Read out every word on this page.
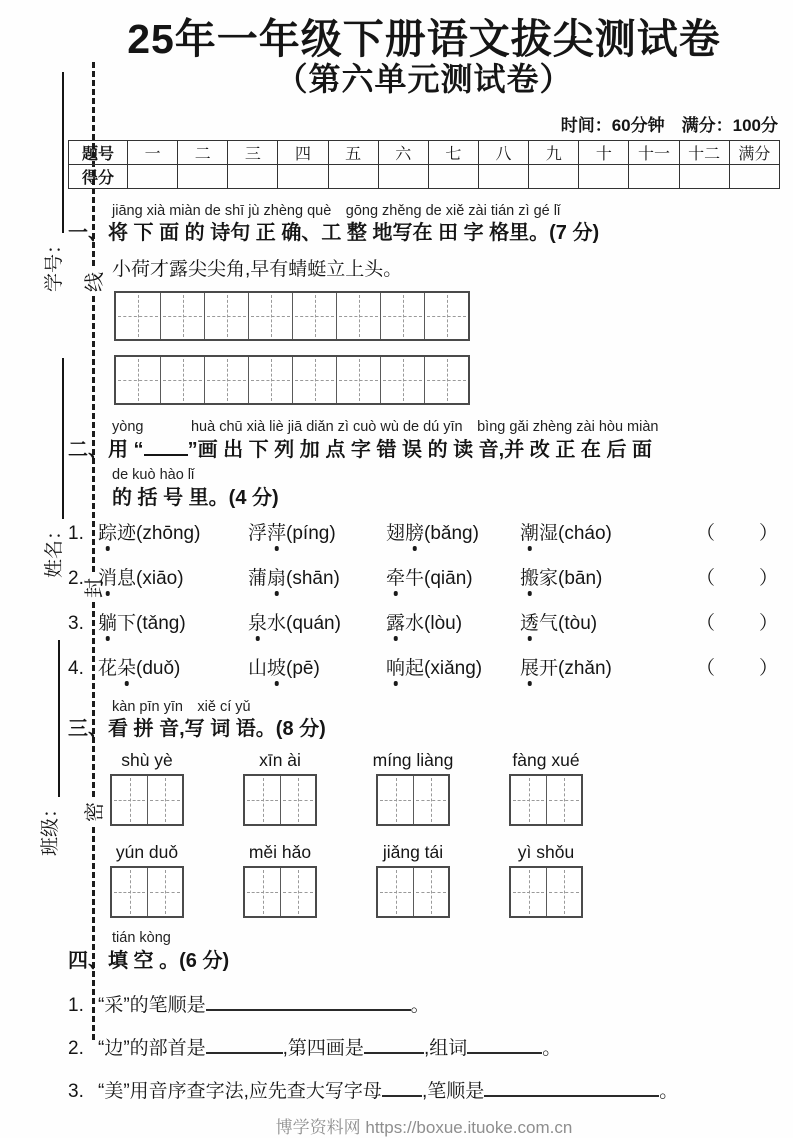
学号：
姓名：
班级：
线
封
密
25年一年级下册语文拔尖测试卷
（第六单元测试卷）
时间：60分钟　满分：100分
题号	一	二	三	四	五	六	七	八	九	十	十一	十二	满分
得分													
jiāng xià miàn de shī jù zhèng què　gōng zhěng de xiě zài tián zì gé lǐ
一、将 下 面 的 诗句 正 确、工 整 地写在 田 字 格里。(7 分)
小荷才露尖尖角,早有蜻蜓立上头。
yòng　　　 huà chū xià liè jiā diǎn zì cuò wù de dú yīn　bìng gǎi zhèng zài hòu miàn
二、用 “ ”画 出 下 列 加 点 字 错 误 的 读 音,并 改 正 在 后 面
de kuò hào lǐ
的 括 号 里。(4 分)
1. 踪迹(zhōng)	浮萍(píng)	翅膀(bǎng)	潮湿(cháo)	（　　）
2. 消息(xiāo)	蒲扇(shān)	牵牛(qiān)	搬家(bān)	（　　）
3. 躺下(tǎng)	泉水(quán)	露水(lòu)	透气(tòu)	（　　）
4. 花朵(duǒ)	山坡(pē)	响起(xiǎng)	展开(zhǎn)	（　　）
kàn pīn yīn　xiě cí yǔ
三、看 拼 音,写 词 语。(8 分)
shù yè	xīn ài	míng liàng	fàng xué
yún duǒ	měi hǎo	jiǎng tái	yì shǒu
tián kòng
四、填 空 。(6 分)
1. “采”的笔顺是	。
2. “边”的部首是	,第四画是	,组词	。
3. “美”用音序查字法,应先查大写字母 ,笔顺是	。
博学资料网 https://boxue.ituoke.com.cn
